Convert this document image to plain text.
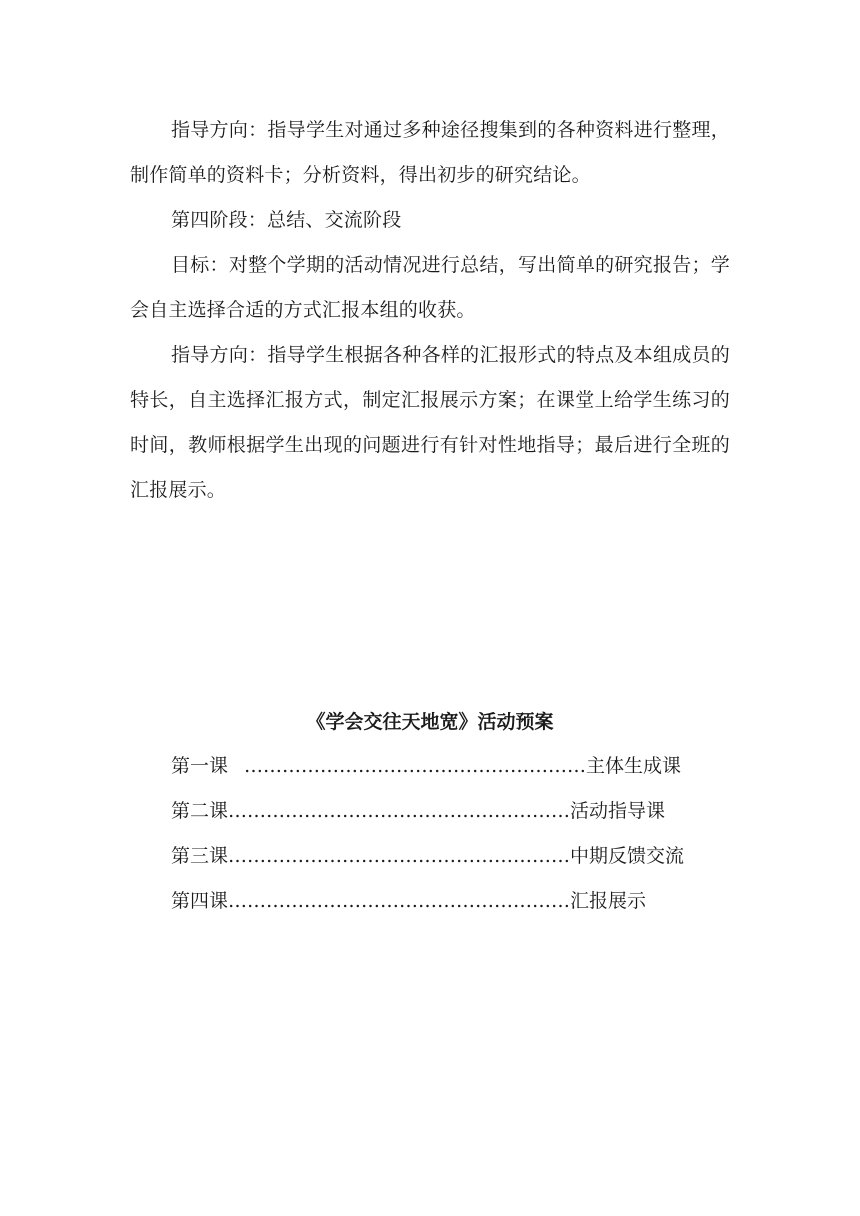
指导方向：指导学生对通过多种途径搜集到的各种资料进行整理，制作简单的资料卡；分析资料，得出初步的研究结论。

第四阶段：总结、交流阶段

目标：对整个学期的活动情况进行总结，写出简单的研究报告；学会自主选择合适的方式汇报本组的收获。

指导方向：指导学生根据各种各样的汇报形式的特点及本组成员的特长，自主选择汇报方式，制定汇报展示方案；在课堂上给学生练习的时间，教师根据学生出现的问题进行有针对性地指导；最后进行全班的汇报展示。

《学会交往天地宽》活动预案
第一课 ………………………………………………主体生成课
第二课………………………………………………活动指导课
第三课………………………………………………中期反馈交流
第四课………………………………………………汇报展示
